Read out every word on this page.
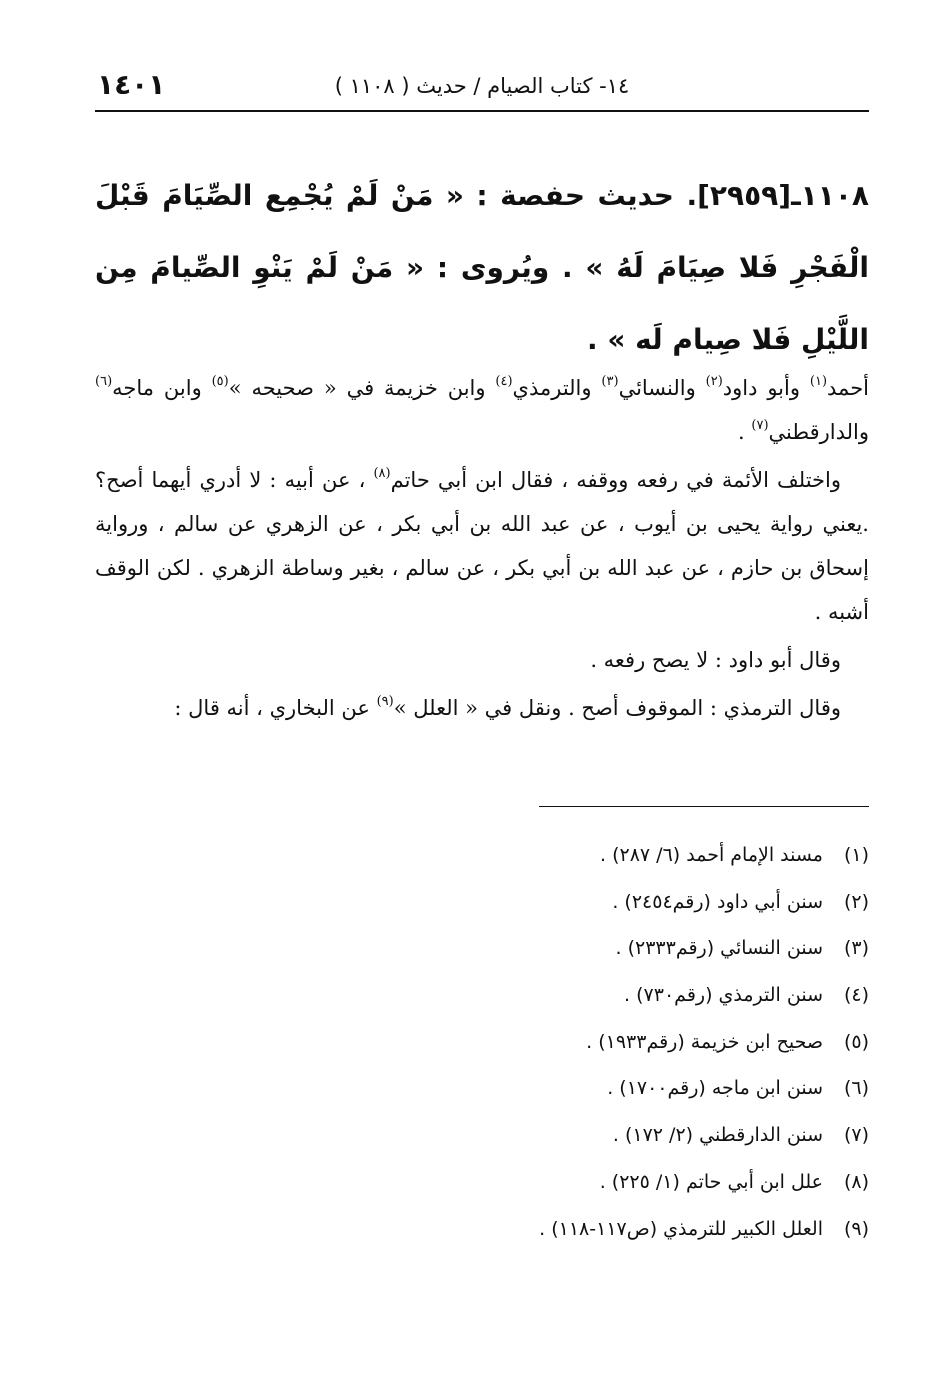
١٤٠١	١٤- كتاب الصيام / حديث ( ١١٠٨ )
١١٠٨ـ[٢٩٥٩]. حديث حفصة : « مَنْ لَمْ يُجْمِع الصِّيَامَ قَبْلَ الْفَجْرِ فَلا صِيَامَ لَهُ » . ويُروى : « مَنْ لَمْ يَنْوِ الصِّيامَ مِن اللَّيْلِ فَلا صِيام لَه » .

أحمد$^{(١)}$ وأبو داود$^{(٢)}$ والنسائي$^{(٣)}$ والترمذي$^{(٤)}$ وابن خزيمة في « صحيحه »$^{(٥)}$ وابن ماجه$^{(٦)}$ والدارقطني$^{(٧)}$ .

واختلف الأئمة في رفعه ووقفه ، فقال ابن أبي حاتم$^{(٨)}$ ، عن أبيه : لا أدري أيهما أصح؟ .يعني رواية يحيى بن أيوب ، عن عبد الله بن أبي بكر ، عن الزهري عن سالم ، ورواية إسحاق بن حازم ، عن عبد الله بن أبي بكر ، عن سالم ، بغير وساطة الزهري . لكن الوقف أشبه .

وقال أبو داود : لا يصح رفعه .

وقال الترمذي : الموقوف أصح . ونقل في « العلل »$^{(٩)}$ عن البخاري ، أنه قال :

(١)مسند الإمام أحمد (٦/ ٢٨٧) .
(٢)سنن أبي داود (رقم٢٤٥٤) .
(٣)سنن النسائي (رقم٢٣٣٣) .
(٤)سنن الترمذي (رقم٧٣٠) .
(٥)صحيح ابن خزيمة (رقم١٩٣٣) .
(٦)سنن ابن ماجه (رقم١٧٠٠) .
(٧)سنن الدارقطني (٢/ ١٧٢) .
(٨)علل ابن أبي حاتم (١/ ٢٢٥) .
(٩)العلل الكبير للترمذي (ص١١٧-١١٨) .
